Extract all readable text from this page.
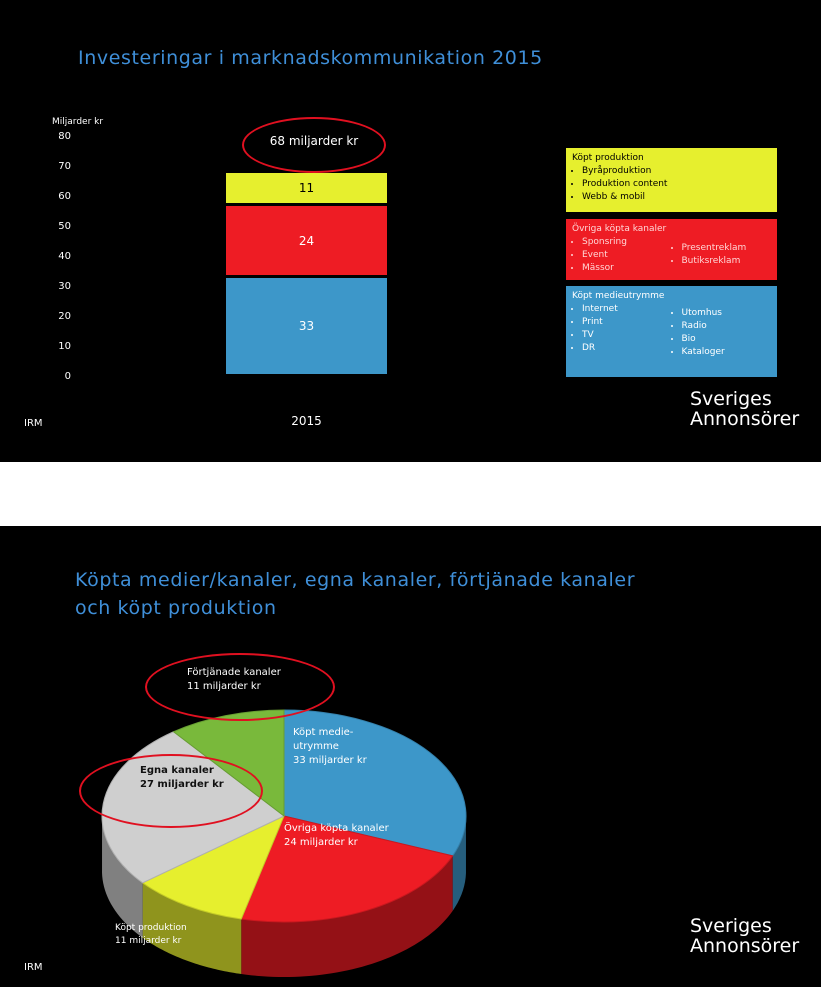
Investeringar i marknadskommunikation 2015
Miljarder kr
0
10
20
30
40
50
60
70
80
33
24
11
68 miljarder kr
2015
Köpt produktion
• Byråproduktion
• Produktion content
• Webb & mobil
Övriga köpta kanaler
• Sponsring
• Event
• Mässor
• Presentreklam
• Butiksreklam
Köpt medieutrymme
• Internet
• Print
• TV
• DR
• Utomhus
• Radio
• Bio
• Kataloger
IRM
Sveriges
Annonsörer
Köpta medier/kanaler, egna kanaler, förtjänade kanaler
och köpt produktion
Förtjänade kanaler
11 miljarder kr
Egna kanaler
27 miljarder kr
Köpt medie-
utrymme
33 miljarder kr
Övriga köpta kanaler
24 miljarder kr
Köpt produktion
11 miljarder kr
IRM
Sveriges
Annonsörer
